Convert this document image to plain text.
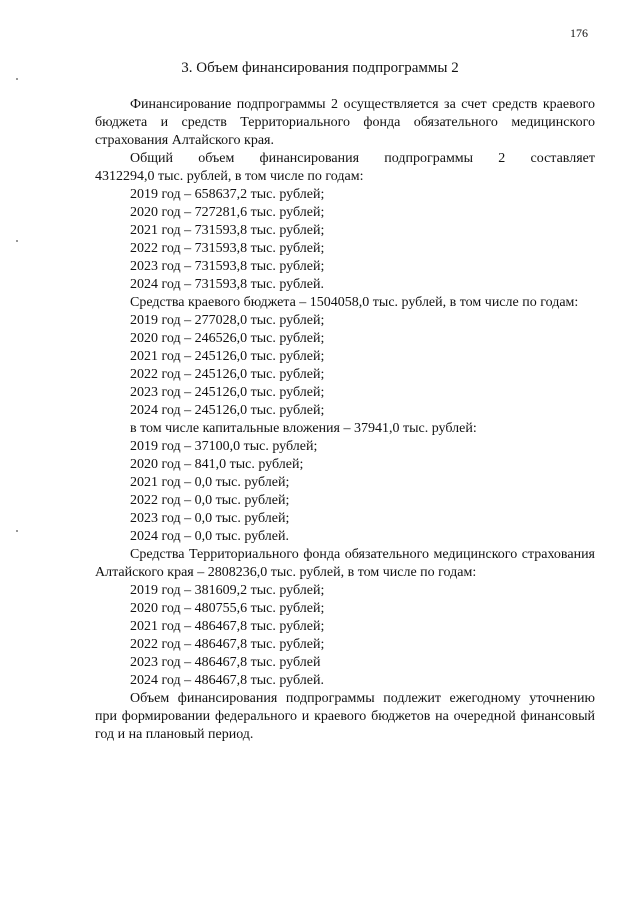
176
3. Объем финансирования подпрограммы 2

Финансирование подпрограммы 2 осуществляется за счет средств краевого бюджета и средств Территориального фонда обязательного медицинского страхования Алтайского края.

Общий объем финансирования подпрограммы 2 составляет

4312294,0 тыс. рублей, в том числе по годам:
2019 год – 658637,2 тыс. рублей;
2020 год – 727281,6 тыс. рублей;
2021 год – 731593,8 тыс. рублей;
2022 год – 731593,8 тыс. рублей;
2023 год – 731593,8 тыс. рублей;
2024 год – 731593,8 тыс. рублей.

Средства краевого бюджета – 1504058,0 тыс. рублей, в том числе по годам:

2019 год – 277028,0 тыс. рублей;
2020 год – 246526,0 тыс. рублей;
2021 год – 245126,0 тыс. рублей;
2022 год – 245126,0 тыс. рублей;
2023 год – 245126,0 тыс. рублей;
2024 год – 245126,0 тыс. рублей;
в том числе капитальные вложения – 37941,0 тыс. рублей:
2019 год – 37100,0 тыс. рублей;
2020 год – 841,0 тыс. рублей;
2021 год – 0,0 тыс. рублей;
2022 год – 0,0 тыс. рублей;
2023 год – 0,0 тыс. рублей;
2024 год – 0,0 тыс. рублей.

Средства Территориального фонда обязательного медицинского страхования Алтайского края – 2808236,0 тыс. рублей, в том числе по годам:

2019 год – 381609,2 тыс. рублей;
2020 год – 480755,6 тыс. рублей;
2021 год – 486467,8 тыс. рублей;
2022 год – 486467,8 тыс. рублей;
2023 год – 486467,8 тыс. рублей
2024 год – 486467,8 тыс. рублей.

Объем финансирования подпрограммы подлежит ежегодному уточнению при формировании федерального и краевого бюджетов на очередной финансовый год и на плановый период.
